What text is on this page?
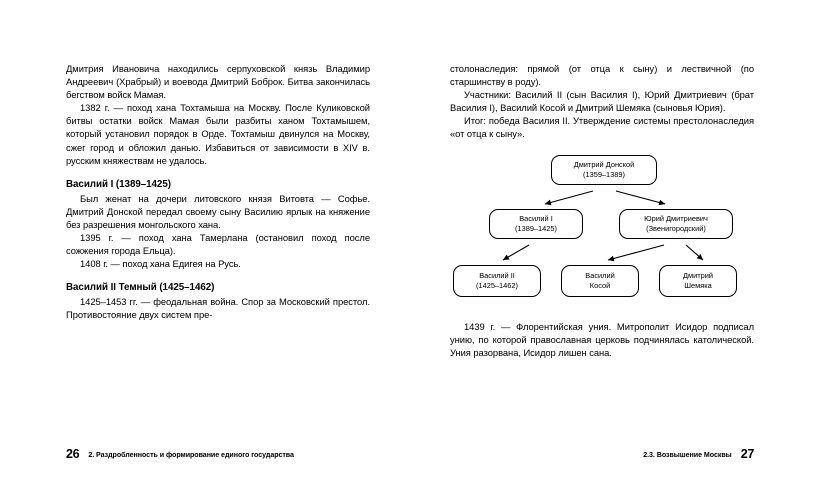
Дмитрия Ивановича находились серпуховской князь Владимир Андреевич (Храбрый) и воевода Дмитрий Боброк. Битва закончилась бегством войск Мамая.

1382 г. — поход хана Тохтамыша на Москву. После Куликовской битвы остатки войск Мамая были разбиты ханом Тохтамышем, который установил порядок в Орде. Тохтамыш двинулся на Москву, сжег город и обложил данью. Избавиться от зависимости в XIV в. русским княжествам не удалось.

Василий I (1389–1425)

Был женат на дочери литовского князя Витовта — Софье. Дмитрий Донской передал своему сыну Василию ярлык на княжение без разрешения монгольского хана.

1395 г. — поход хана Тамерлана (остановил поход после сожжения города Ельца).

1408 г. — поход хана Едигея на Русь.

Василий II Темный (1425–1462)

1425–1453 гг. — феодальная война. Спор за Московский престол. Противостояние двух систем пре-

26 2. Раздробленность и формирование единого государства

столонаследия: прямой (от отца к сыну) и лествичной (по старшинству в роду).

Участники: Василий II (сын Василия I), Юрий Дмитриевич (брат Василия I), Василий Косой и Дмитрий Шемяка (сыновья Юрия).

Итог: победа Василия II. Утверждение системы престолонаследия «от отца к сыну».

Дмитрий Донской
(1359–1389)
Василий I
(1389–1425)
Юрий Дмитриевич
(Звенигородский)
Василий II
(1425–1462)
Василий
Косой
Дмитрий
Шемяка

1439 г. — Флорентийская уния. Митрополит Исидор подписал унию, по которой православная церковь подчинялась католической. Уния разорвана, Исидор лишен сана.

2.3. Возвышение Москвы 27
